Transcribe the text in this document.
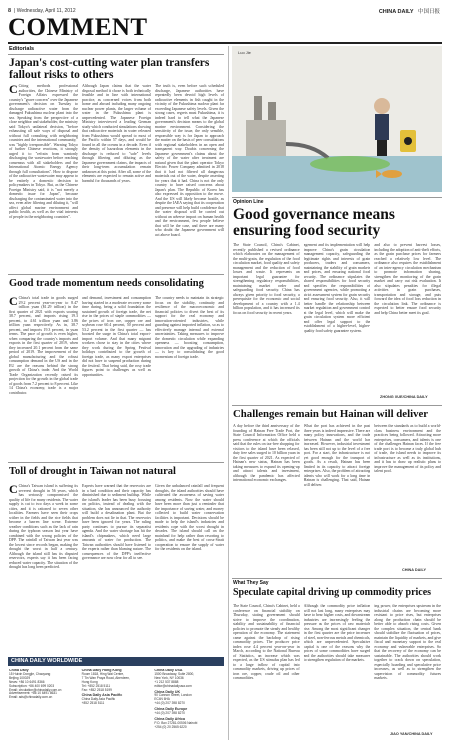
8 | Wednesday, April 11, 2012	CHINA DAILY 中国日报
COMMENT
Editorials
Japan's cost-cutting water plan transfers fallout risks to others

C Citing methods professional authorities, the Chinese Ministry of Foreign Affairs expressed the country's "grave concern" over the Japanese government's decision on Tuesday to discharge radioactive water from the damaged Fukushima nuclear plant into the sea. Speaking from the perspective of a close neighbor and stakeholder, the ministry said Tokyo's unilateral decision, "before exhausting all safe ways of disposal and without full consulting with neighboring countries and the international community," was "highly irresponsible". Warning Tokyo of further Chinese reactions, it strongly urged it to "refrain from wantonly discharging the wastewater before reaching consensus with all stakeholders and the International Atomic Energy Agency through full consultations". How to dispose of the radioactive wastewater may appear to be entirely a domestic decision to policymakers in Tokyo. But, as the Chinese Foreign Ministry said, it is "not merely a domestic issue for Japan", because discharging the contaminated water into the sea, even after filtering and diluting it, "will affect global marine environment and public health, as well as the vital interests of people in the neighboring countries".

Although Japan claims that the water disposal method it chose is both technically feasible and in line with international practice, as concerned voices from both home and abroad including many ongoing nuclear power plants, the larger volume of water in the Fukushima plant is unprecedented. The Japanese Foreign Ministry interviewed a leading German study which conducted simulations showing that radioactive materials in water released from Fukushima would spread to most of the Pacific within 57 days, and would be found in all the oceans in a decade. Even if the density of hazardous elements in the discharge is reduced to "safe" levels through filtering and diluting as the Japanese government claims, the impacts of their long-term accumulation remain unknown at this point. After all, some of the elements are expected to remain active and harmful for thousands of years.

The truth is, even before such scheduled discharge, Japanese authorities have repeatedly been devoid high levels of radioactive elements in fish caught in the vicinity of the Fukushima nuclear plant far exceeding Japanese safety levels. Given the strong cases, regrets must Fukushima, it is indeed hard to tell what the Japanese government's decision means to the global marine environment. Considering the sensitivity of the issue, the only sensible, responsible way is for Japan to approach the matter on the basis of peer consultations with regional stakeholders in an open and transparent way. Doubts concerning the Japanese government's claims about the safety of the water after treatment are natural given that the plant operator Tokyo Electric Power Company admitted in 2018 that it had not filtered all dangerous materials out of the water, despite asserting for years that it had. China is not the only country to have raised concerns about Japan's plan. The Republic of Korea has also expressed its opposition to the move. And the US will likely become hostile, as despite the IAEA saying that its cooperation and presence will help build confidence that the water disposal will be carried out without an adverse impact on human health and the environment, few people believe that will be the case, and there are many who doubt the Japanese government will act above board.

Luo Jie
Opinion Line
Good governance means ensuring food security

The State Council, China's Cabinet, recently published a revised ordinance which elaborates on the management of the multi-grain, the regulation of the food circulation market, food quality and safety management and the reduction of food losses and waste. It represents an important legal guarantee for strengthening regulatory responsibilities, maintaining market order and safeguarding food security. China has always given priority to food security, a prerequisite for the economic and social development of a country with a 1.4 billion population, and it has increased its focus on food security in recent years.

agement and its implementation will help improve China's grain circulation management capacity, safeguarding the legitimate rights and interests of grain producers, traders and consumers, maintaining the stability of grain markets and prices, and ensuring national food security. The ordinance stipulates the shared responsibilities for food security and specifies the responsibilities of government agencies, while promoting a strict assessment system for grain security and ensuring food security. Also, it will better handle the relationship between market regulation and government control at the legal level, which will make the grain circulation system more efficient and offer legal support to the establishment of a higher-level, higher-quality food safety guarantee system.

and also to prevent harvest losses, including the adoption of anti-theft efforts, as the grain purchase prices for farmers reached a relatively low level. The ordinance also requires the establishment of an inter-agency circulation mechanism to promote information sharing, strengthen the monitoring of the grain market and carry out risk evaluation. It also stipulates penalties for illegal activities in grain purchases, transportation and storage, and puts forward the idea of food loss reduction in the circulation link. The ordinance is expected to better ensure food security and help China better meet its goal.

ZHONG XUE/CHINA DAILY
Good trade momentum needs consolidating

C China's total trade in goods surged 29.2 percent year-on-year to 8.47 trillion yuan ($1.29 trillion) in the first quarter of 2021 with exports soaring 38.7 percent, and imports rising 19.3 percent, to 4.61 trillion yuan and 3.86 trillion yuan respectively. As in, 38.7 percent, and imports 19.3 percent, in yuan terms. The pace of growth is even higher, when comparing the country's imports and exports in the first quarter of 2019, when they increased 20.1 percent from the same period of 2019. The improvement of the global manufacturing and the robust consumption demand in the US and in the EU are the reasons behind the strong growth of China's trade. And the World Trade Organization recently raised its projection for the growth in the global trade of goods from 7.2 percent to 8 percent. Like 14 China's economy, trade is a major contributor.

and demand, investment and consumption having started in a moderate recovery some time during, being a solid foundation the sustained growth of foreign trade, the net rise in the prices of staple commodities — the prices of iron ore, copper ore and soybean rose 60.4 percent, 50 percent and 53.2 percent in the first quarter — has boosted the surge in China's total export-import volume. And that many migrant workers chose to stay in the cities where they work during the Spring Festival holidays contributed to the growth of foreign trade, as many export enterprises did not have to suspend production during the festival. That being said, the rosy trade figures point to challenges as well as opportunities.

The country needs to maintain its strategic focus on the stability, continuity and resilience of the macroeconomic and financial policies to divert the best of its support for the real economy and innovation-oriented industries, while guarding against imported inflation, so as to effectively manage internal and external uncertainties. Taking measures to improve the domestic circulation while expanding openness — boosting consumption, innovation and the upgrading of industries — is key to consolidating the good momentum of foreign trade.

Challenges remain but Hainan will deliver

A day before the third anniversary of the founding of Hainan Free Trade Port, the State Council Information Office held a press conference at which the officials said that the rules on tax-free shopping for visitors to the island have been relaxed, duty free sales surged to 10 billion yuan in the first quarter of 2021. As expected of Hainan's new status, Hainan has been taking measures to expand its opening-up and attract talents and investment, although the pandemic has affected international economic exchanges.

What the port has achieved in the past three years is indeed impressive. There are many policy innovations, and the trade between Hainan and the world has increased. However, industrial investment has been still not up to the level of a free port. For a start, the infrastructure is not yet good enough for the transport of goods. As a result, Hainan has been limited in its capacity to attract foreign enterprises. Also, the problem of attracting talents who will work for a long time in Hainan is challenging. That said, Hainan will deliver.

between the standards as to build a world-class business environment and the practices being followed. Attracting more enterprises, consumers, and talents is one of the challenges Hainan faces. If the free trade port is to become a truly global hub of trade, the island needs to improve its infrastructure as well as its institutions, and it has to draw up realistic plans to improve the management of its policy and talent pool.

CHINA DAILY
Toll of drought in Taiwan not natural

C China's Taiwan island is suffering its severest drought in 56 years, which has seriously compromised the quality of life for many residents. The water supply is cut to two days a week in some cities, and it is rationed to seven other localities. Farmers have seen their crops wither in the fields and the rice fields that become a barren line scene. Extreme weather conditions such as the lack of rain during the typhoon season last year have combined with the wrong policies of the DPP. The rainfall of Taiwan last year was the lowest since records began, making the drought the worst in half a century. Although the island still has its disputed reservoirs, experts say it has been facing reduced water capacity. The situation of the drought has long been predicted.

Experts have warned that the reservoirs are in a bad condition and their capacity has diminished due to sediment buildup. While the island's leader has been busy focusing on politics, instead of dealing with the situation, she has announced the authority will build a desalination plant. But the problem does not lie in that. The reservoirs have been ignored for years. The ruling party continues to pursue its separatist agenda. And the water shortage has hit the island's chipmakers, which need large amounts of water for production. The Taiwan authorities should have listened to the experts rather than blaming nature. The consequences of the DPP's ineffective governance are now clear for all to see.

Given the unbalanced rainfall and frequent droughts, the island authorities should have cultivated the awareness of saving water among residents. Now the water should have been more than just a reminder that the importance of saving water, and money collected to build water conservation facilities is important. Decisions should be made to help the island's industries and residents cope with the worst drought in decades. The island should call on the mainland for help rather than resorting to politics, and make the best of cross-Strait cooperation to ensure the supply of water for the residents on the island.

What They Say
Speculate capital driving up commodity prices

The State Council, China's Cabinet, held a conference on financial stability on Thursday, stating government should strive to improve the coordination, stability and sustainability of financial policies to promote the steady and healthy operation of the economy. The statement came against the backdrop of rising commodity prices. The producer price index rose 4.4 percent year-on-year in March, according to the National Bureau of Statistics, an increase which was expected, as the US stimulus plan has led to a large inflow of capital into commodity markets, driving up prices of iron ore, copper, crude oil and other commodities.

Although the commodity price inflation will not last long, many enterprises may have to bear higher costs, and downstream industries are increasingly feeling the pressure as the prices of raw materials rise. Among the most significant changes in the first quarter are the price increases of steel, non-ferrous metals and chemicals, which are unprecedented. Speculative capital is one of the reasons why the prices of some commodities have surged and the authorities should take measures to strengthen regulation of the markets.

ing power, the enterprises upstream in the industrial chains are becoming more resistant to price rises, but enterprises along the production chain should be better able to absorb rising costs. Given the complex situation, the central bank should stabilize the fluctuation of prices, maintain the liquidity of markets, and give fiscal and monetary support to the real economy and vulnerable enterprises. So that the recovery of the economy can be sustainable. The authorities should work together to crack down on speculation, especially hoarding and speculative price increases, as well as to strengthen the supervision of commodity futures markets.

JIAO YAN/CHINA DAILY
CHINA DAILY WORLDWIDE
China Daily
15 Huixin Dongjie, Chaoyang
Beijing 100029
News: +86 10 6491 8366
Subscription: +86 400 699 0203
Email: circulation@chinadaily.com.cn
Advertisement: +86 10 6491 8631
Email: ads@chinadaily.com.cn
China Daily Hong Kong
Room 1818, Hing Wai Centre,
7 Tin Wan Praya Road, Aberdeen,
Hong Kong
Tel: +852 2518 5111
Fax: +852 2518 5199
China Daily Asia Pacific
China Daily Asia Pacific
+852 2518 5111
China Daily USA
1500 Broadway, Suite 2800,
New York, NY 10036
+1 212 537 8888
editor@chinadailyusa.com
China Daily UK
90 Cannon Street, London
EC4N 6HA
+44 (0) 207 398 8270
China Daily Europe
+44 (0) 207 398 8270
China Daily Africa
P.O. Box 27281-00506 Nairobi
+254 (0) 20 2565 6220
